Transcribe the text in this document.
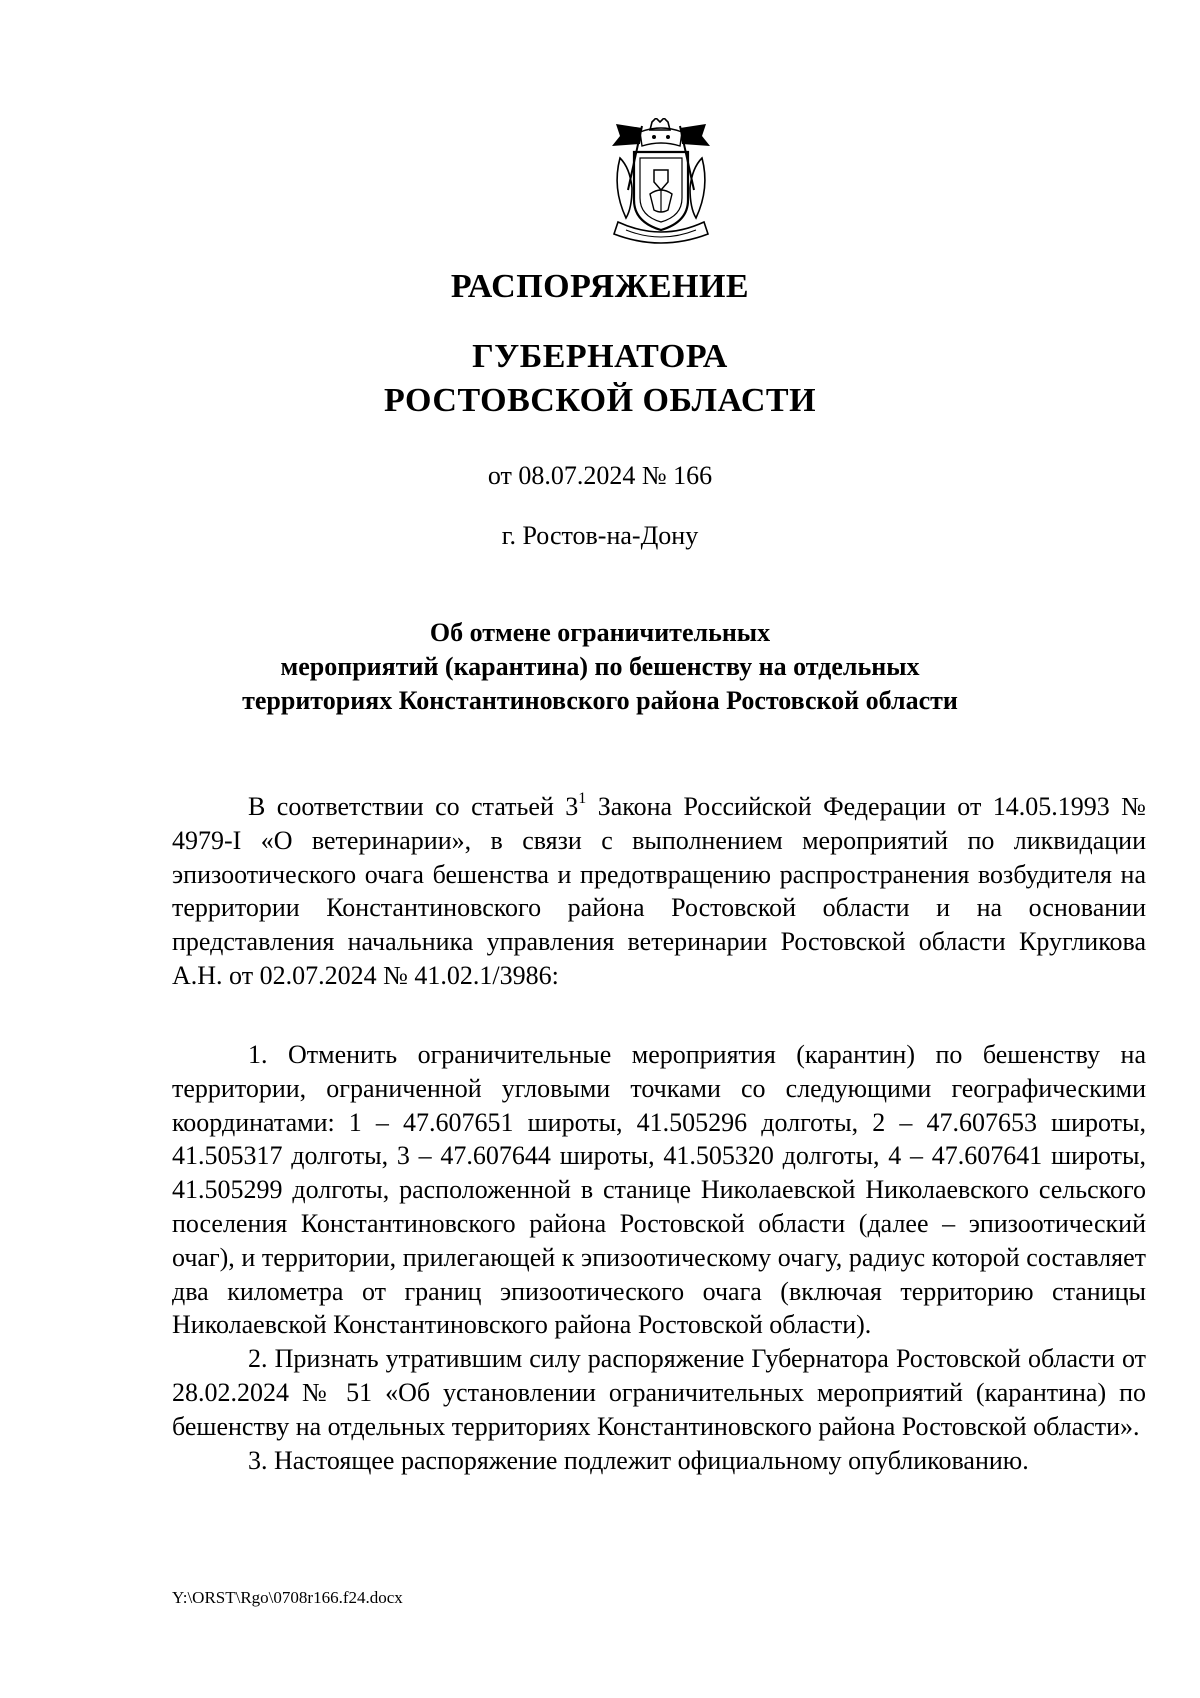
РАСПОРЯЖЕНИЕ
ГУБЕРНАТОРА
РОСТОВСКОЙ ОБЛАСТИ
от 08.07.2024 № 166
г. Ростов-на-Дону
Об отмене ограничительных
мероприятий (карантина) по бешенству на отдельных
территориях Константиновского района Ростовской области

В соответствии со статьей $3^1$ Закона Российской Федерации от 14.05.1993 № 4979-I «О ветеринарии», в связи с выполнением мероприятий по ликвидации эпизоотического очага бешенства и предотвращению распространения возбудителя на территории Константиновского района Ростовской области и на основании представления начальника управления ветеринарии Ростовской области Кругликова А.Н. от 02.07.2024 № 41.02.1/3986:

1. Отменить ограничительные мероприятия (карантин) по бешенству на территории, ограниченной угловыми точками со следующими географическими координатами: 1 – 47.607651 широты, 41.505296 долготы, 2 – 47.607653 широты, 41.505317 долготы, 3 – 47.607644 широты, 41.505320 долготы, 4 – 47.607641 широты, 41.505299 долготы, расположенной в станице Николаевской Николаевского сельского поселения Константиновского района Ростовской области (далее – эпизоотический очаг), и территории, прилегающей к эпизоотическому очагу, радиус которой составляет два километра от границ эпизоотического очага (включая территорию станицы Николаевской Константиновского района Ростовской области).

2. Признать утратившим силу распоряжение Губернатора Ростовской области от 28.02.2024 № 51 «Об установлении ограничительных мероприятий (карантина) по бешенству на отдельных территориях Константиновского района Ростовской области».

3. Настоящее распоряжение подлежит официальному опубликованию.

Y:\ORST\Rgo\0708r166.f24.docx
